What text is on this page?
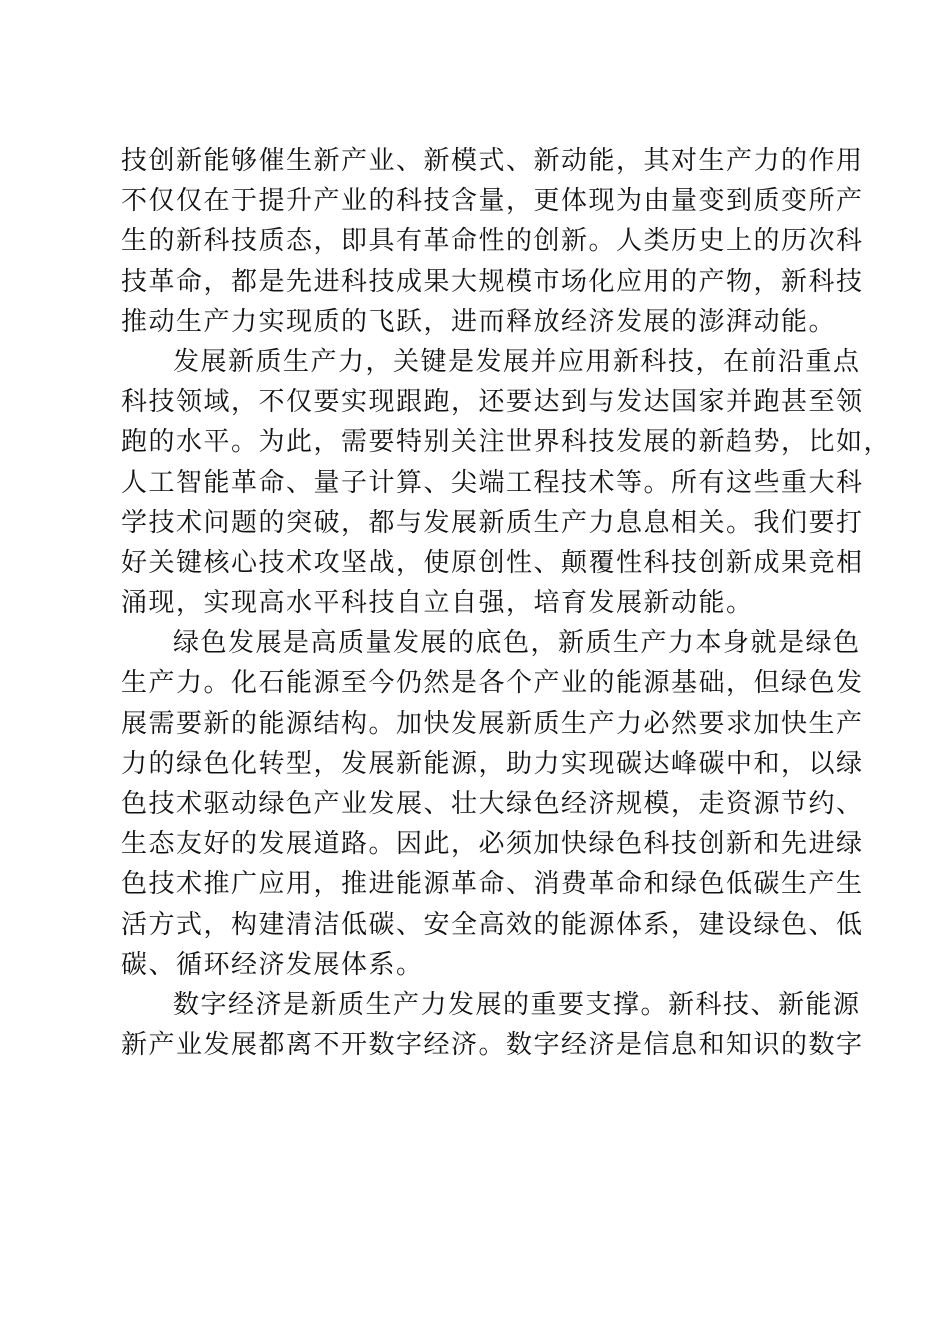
技创新能够催生新产业、新模式、新动能，其对生产力的作用
不仅仅在于提升产业的科技含量，更体现为由量变到质变所产
生的新科技质态，即具有革命性的创新。人类历史上的历次科
技革命，都是先进科技成果大规模市场化应用的产物，新科技
推动生产力实现质的飞跃，进而释放经济发展的澎湃动能。
发展新质生产力，关键是发展并应用新科技，在前沿重点
科技领域，不仅要实现跟跑，还要达到与发达国家并跑甚至领
跑的水平。为此，需要特别关注世界科技发展的新趋势，比如，
人工智能革命、量子计算、尖端工程技术等。所有这些重大科
学技术问题的突破，都与发展新质生产力息息相关。我们要打
好关键核心技术攻坚战，使原创性、颠覆性科技创新成果竞相
涌现，实现高水平科技自立自强，培育发展新动能。
绿色发展是高质量发展的底色，新质生产力本身就是绿色
生产力。化石能源至今仍然是各个产业的能源基础，但绿色发
展需要新的能源结构。加快发展新质生产力必然要求加快生产
力的绿色化转型，发展新能源，助力实现碳达峰碳中和，以绿
色技术驱动绿色产业发展、壮大绿色经济规模，走资源节约、
生态友好的发展道路。因此，必须加快绿色科技创新和先进绿
色技术推广应用，推进能源革命、消费革命和绿色低碳生产生
活方式，构建清洁低碳、安全高效的能源体系，建设绿色、低
碳、循环经济发展体系。
数字经济是新质生产力发展的重要支撑。新科技、新能源
新产业发展都离不开数字经济。数字经济是信息和知识的数字
